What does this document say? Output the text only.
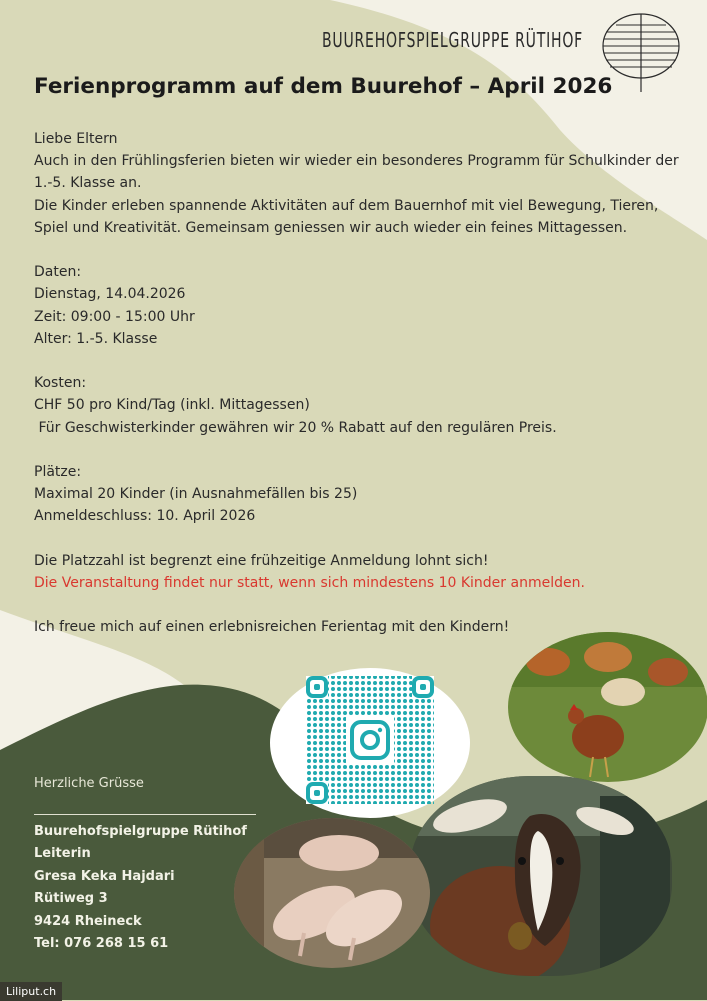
BUUREHOFSPIELGRUPPE RÜTIHOF
Ferienprogramm auf dem Buurehof – April 2026

Liebe Eltern

Auch in den Frühlingsferien bieten wir wieder ein besonderes Programm für Schulkinder der

1.-5. Klasse an.

Die Kinder erleben spannende Aktivitäten auf dem Bauernhof mit viel Bewegung, Tieren,

Spiel und Kreativität. Gemeinsam geniessen wir auch wieder ein feines Mittagessen.

Daten:

Dienstag, 14.04.2026

Zeit: 09:00 - 15:00 Uhr

Alter: 1.-5. Klasse

Kosten:

CHF 50 pro Kind/Tag (inkl. Mittagessen)

Für Geschwisterkinder gewähren wir 20 % Rabatt auf den regulären Preis.

Plätze:

Maximal 20 Kinder (in Ausnahmefällen bis 25)

Anmeldeschluss: 10. April 2026

Die Platzzahl ist begrenzt eine frühzeitige Anmeldung lohnt sich!

Die Veranstaltung findet nur statt, wenn sich mindestens 10 Kinder anmelden.

Ich freue mich auf einen erlebnisreichen Ferientag mit den Kindern!

Herzliche Grüsse
Buurehofspielgruppe Rütihof
Leiterin
Gresa Keka Hajdari
Rütiweg 3
9424 Rheineck
Tel: 076 268 15 61
Liliput.ch
